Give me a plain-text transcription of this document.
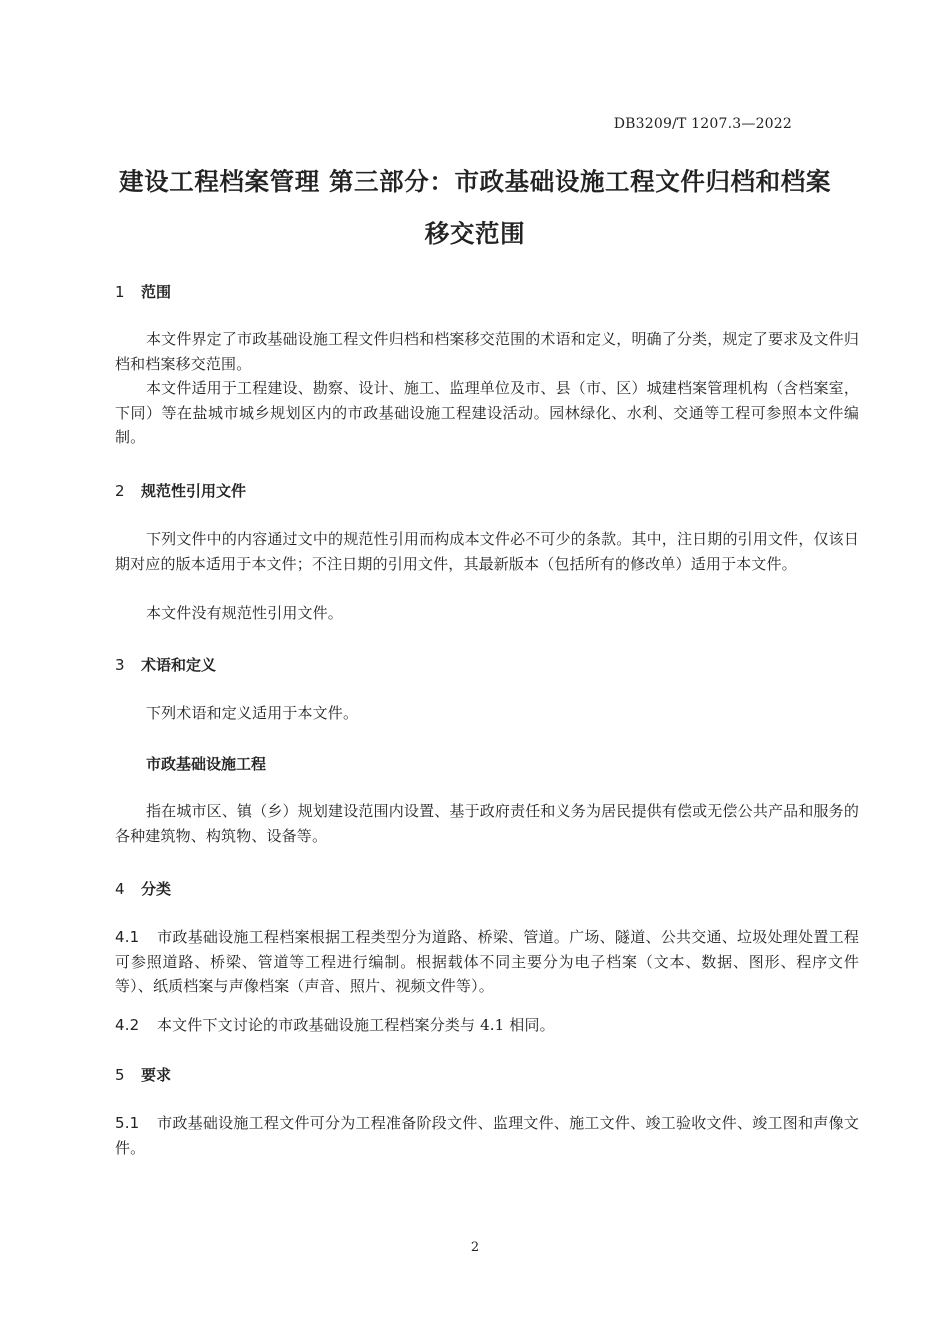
DB3209/T 1207.3—2022
建设工程档案管理 第三部分：市政基础设施工程文件归档和档案移交范围
1 范围
本文件界定了市政基础设施工程文件归档和档案移交范围的术语和定义，明确了分类，规定了要求及文件归档和档案移交范围。
本文件适用于工程建设、勘察、设计、施工、监理单位及市、县（市、区）城建档案管理机构（含档案室，下同）等在盐城市城乡规划区内的市政基础设施工程建设活动。园林绿化、水利、交通等工程可参照本文件编制。
2 规范性引用文件
下列文件中的内容通过文中的规范性引用而构成本文件必不可少的条款。其中，注日期的引用文件，仅该日期对应的版本适用于本文件；不注日期的引用文件，其最新版本（包括所有的修改单）适用于本文件。
本文件没有规范性引用文件。
3 术语和定义
下列术语和定义适用于本文件。
市政基础设施工程
指在城市区、镇（乡）规划建设范围内设置、基于政府责任和义务为居民提供有偿或无偿公共产品和服务的各种建筑物、构筑物、设备等。
4 分类
4.1 市政基础设施工程档案根据工程类型分为道路、桥梁、管道。广场、隧道、公共交通、垃圾处理处置工程可参照道路、桥梁、管道等工程进行编制。根据载体不同主要分为电子档案（文本、数据、图形、程序文件等）、纸质档案与声像档案（声音、照片、视频文件等）。
4.2 本文件下文讨论的市政基础设施工程档案分类与 4.1 相同。
5 要求
5.1 市政基础设施工程文件可分为工程准备阶段文件、监理文件、施工文件、竣工验收文件、竣工图和声像文件。
2
